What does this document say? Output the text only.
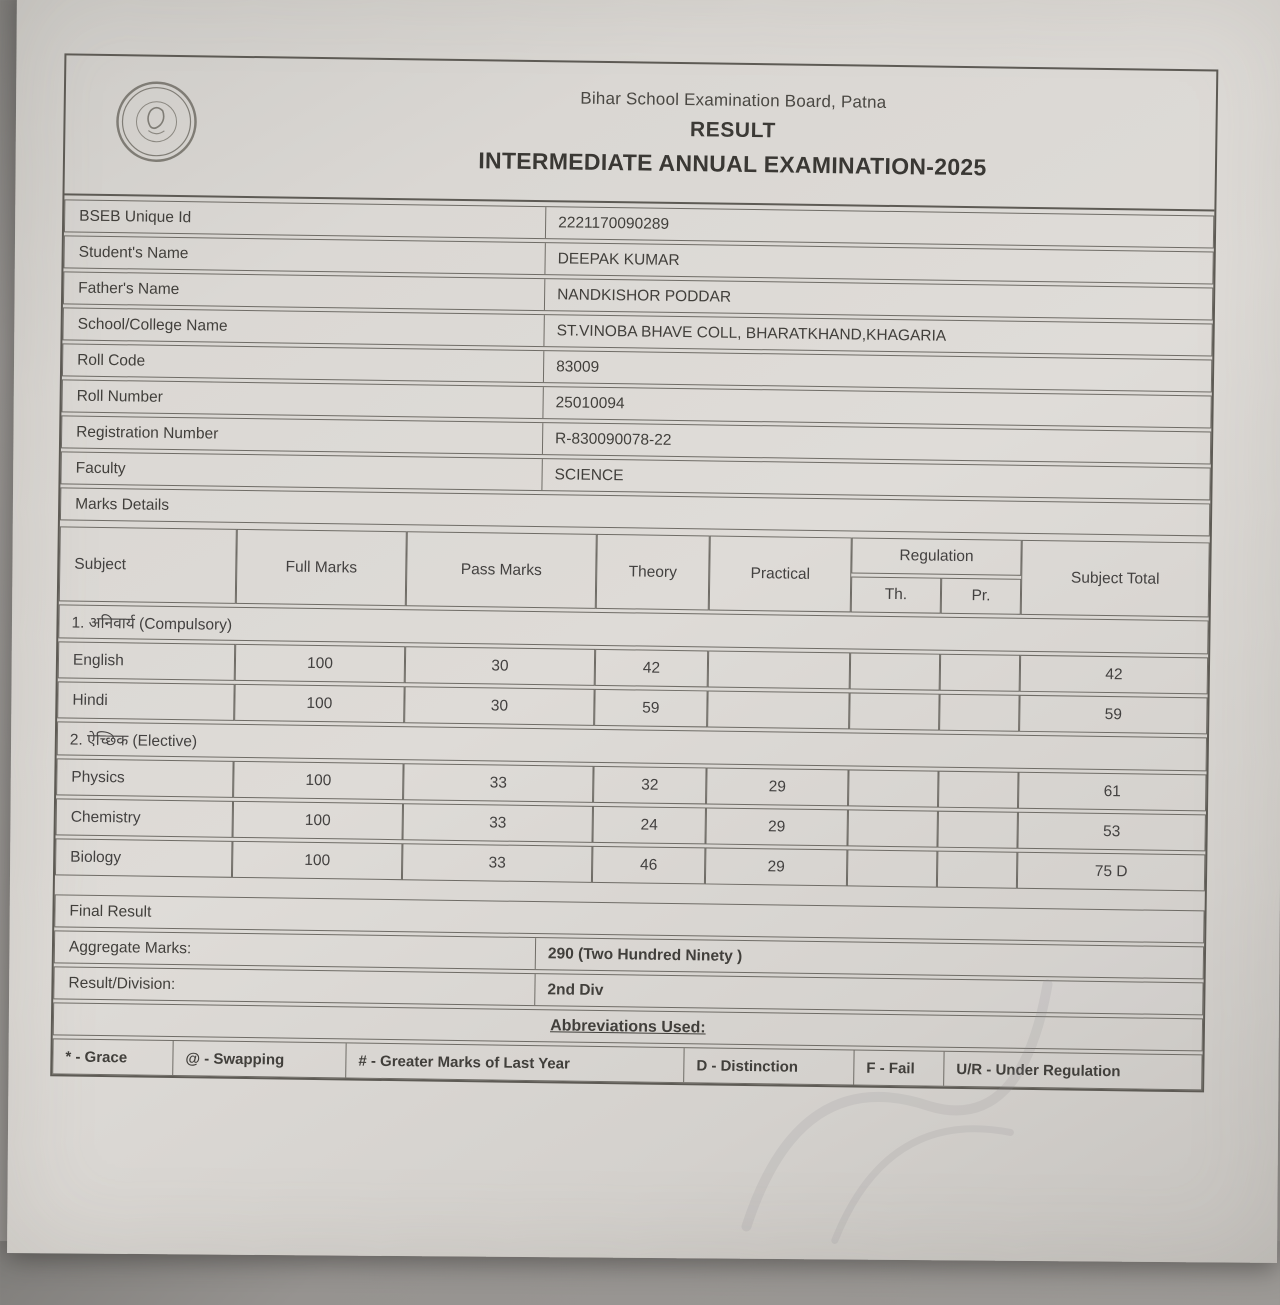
Bihar School Examination Board, Patna
RESULT
INTERMEDIATE ANNUAL EXAMINATION-2025
BSEB Unique Id	2221170090289
Student's Name	DEEPAK KUMAR
Father's Name	NANDKISHOR PODDAR
School/College Name	ST.VINOBA BHAVE COLL, BHARATKHAND,KHAGARIA
Roll Code	83009
Roll Number	25010094
Registration Number	R-830090078-22
Faculty	SCIENCE
Marks Details
Subject	Full Marks	Pass Marks	Theory	Practical	Regulation		Subject Total
					Th.	Pr.	
1. अनिवार्य (Compulsory)							
English	100	30	42				42
Hindi	100	30	59				59
2. ऐच्छिक (Elective)							
Physics	100	33	32	29			61
Chemistry	100	33	24	29			53
Biology	100	33	46	29			75 D
Final Result
Aggregate Marks:	290 (Two Hundred Ninety )
Result/Division:	2nd Div
Abbreviations Used:
* - Grace	@ - Swapping	# - Greater Marks of Last Year	D - Distinction	F - Fail	U/R - Under Regulation
